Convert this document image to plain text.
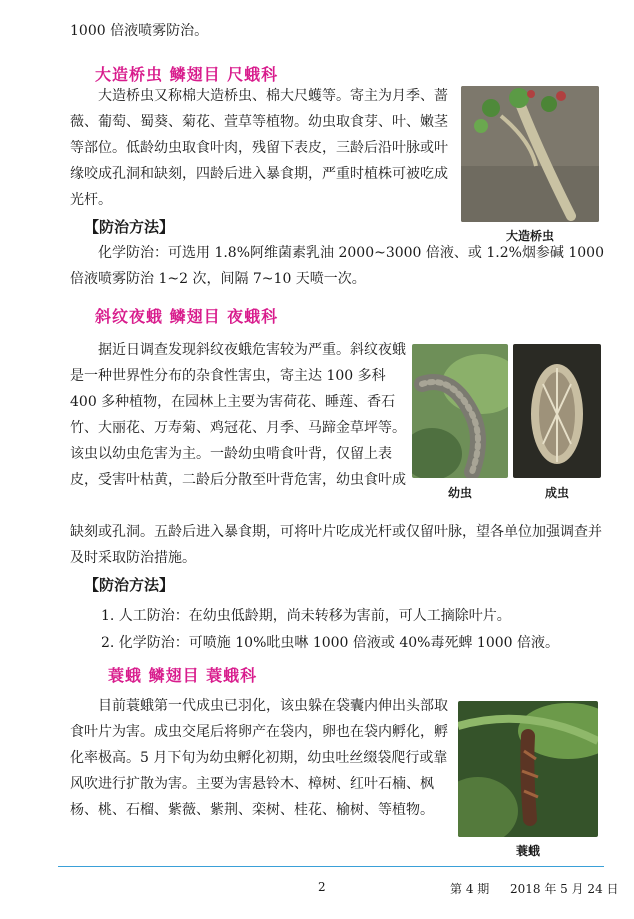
1000 倍液喷雾防治。
大造桥虫 鳞翅目 尺蛾科

大造桥虫又称棉大造桥虫、棉大尺蠖等。寄主为月季、蔷薇、葡萄、蜀葵、菊花、萱草等植物。幼虫取食芽、叶、嫩茎等部位。低龄幼虫取食叶肉，残留下表皮，三龄后沿叶脉或叶缘咬成孔洞和缺刻，四龄后进入暴食期，严重时植株可被吃成光杆。

大造桥虫
【防治方法】

化学防治：可选用 1.8%阿维菌素乳油 2000~3000 倍液、或 1.2%烟参碱 1000 倍液喷雾防治 1~2 次，间隔 7~10 天喷一次。

斜纹夜蛾 鳞翅目 夜蛾科

据近日调查发现斜纹夜蛾危害较为严重。斜纹夜蛾是一种世界性分布的杂食性害虫，寄主达 100 多科 400 多种植物，在园林上主要为害荷花、睡莲、香石竹、大丽花、万寿菊、鸡冠花、月季、马蹄金草坪等。该虫以幼虫危害为主。一龄幼虫啃食叶背，仅留上表皮，受害叶枯黄，二龄后分散至叶背危害，幼虫食叶成

幼虫	成虫

缺刻或孔洞。五龄后进入暴食期，可将叶片吃成光杆或仅留叶脉，望各单位加强调查并及时采取防治措施。

【防治方法】
1. 人工防治：在幼虫低龄期，尚未转移为害前，可人工摘除叶片。
2. 化学防治：可喷施 10%吡虫啉 1000 倍液或 40%毒死蜱 1000 倍液。
蓑蛾 鳞翅目 蓑蛾科

目前蓑蛾第一代成虫已羽化，该虫躲在袋囊内伸出头部取食叶片为害。成虫交尾后将卵产在袋内，卵也在袋内孵化，孵化率极高。5 月下旬为幼虫孵化初期，幼虫吐丝缀袋爬行或靠风吹进行扩散为害。主要为害悬铃木、樟树、红叶石楠、枫杨、桃、石榴、紫薇、紫荆、栾树、桂花、榆树、等植物。

蓑蛾
2	第 4 期 2018 年 5 月 24 日
